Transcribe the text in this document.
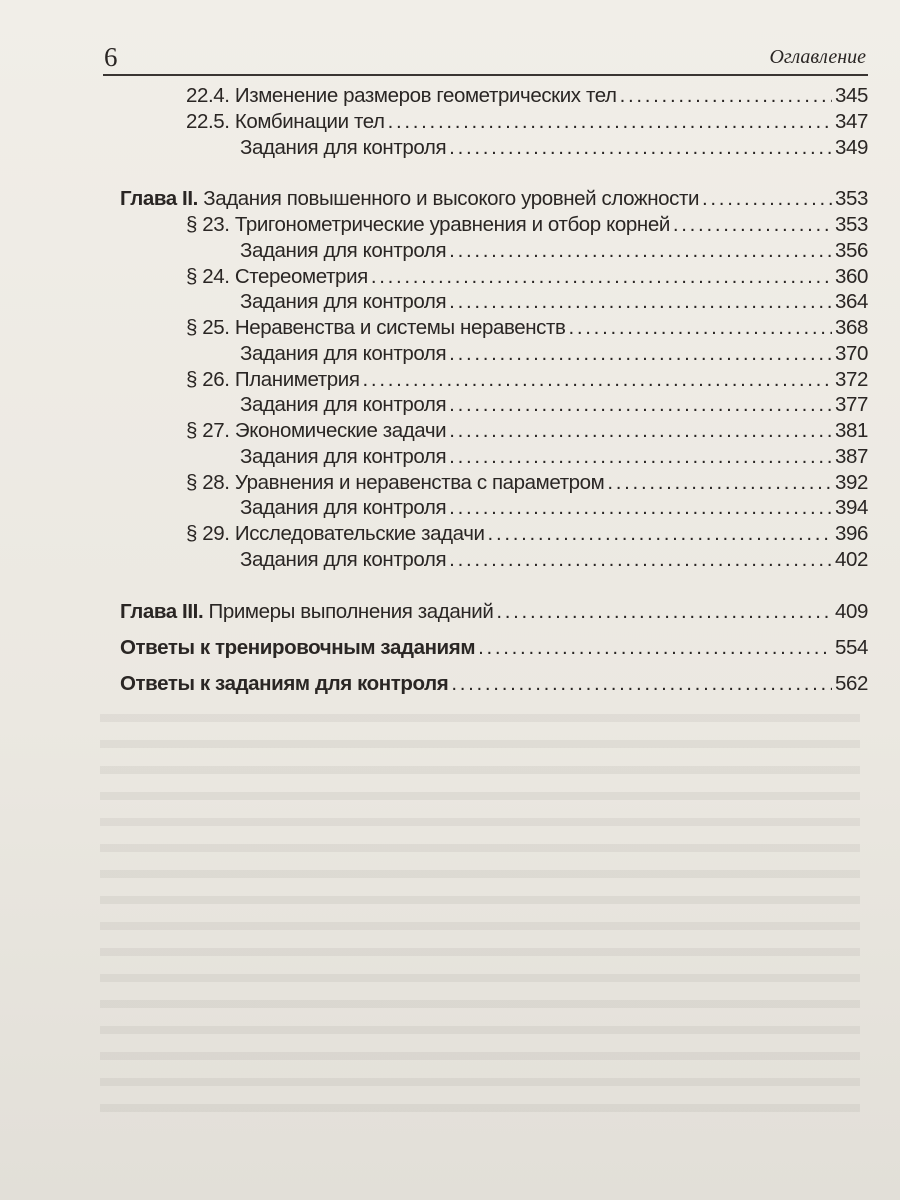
6	Оглавление
22.4. Изменение размеров геометрических тел . . .	345
22.5. Комбинации тел . . .	347
Задания для контроля . . .	349
Глава II. Задания повышенного и высокого уровней сложности . . .	353
§ 23. Тригонометрические уравнения и отбор корней . . .	353
Задания для контроля . . .	356
§ 24. Стереометрия . . .	360
Задания для контроля . . .	364
§ 25. Неравенства и системы неравенств . . .	368
Задания для контроля . . .	370
§ 26. Планиметрия . . .	372
Задания для контроля . . .	377
§ 27. Экономические задачи . . .	381
Задания для контроля . . .	387
§ 28. Уравнения и неравенства с параметром . . .	392
Задания для контроля . . .	394
§ 29. Исследовательские задачи . . .	396
Задания для контроля . . .	402
Глава III. Примеры выполнения заданий . . .	409
Ответы к тренировочным заданиям . . .	554
Ответы к заданиям для контроля . . .	562
